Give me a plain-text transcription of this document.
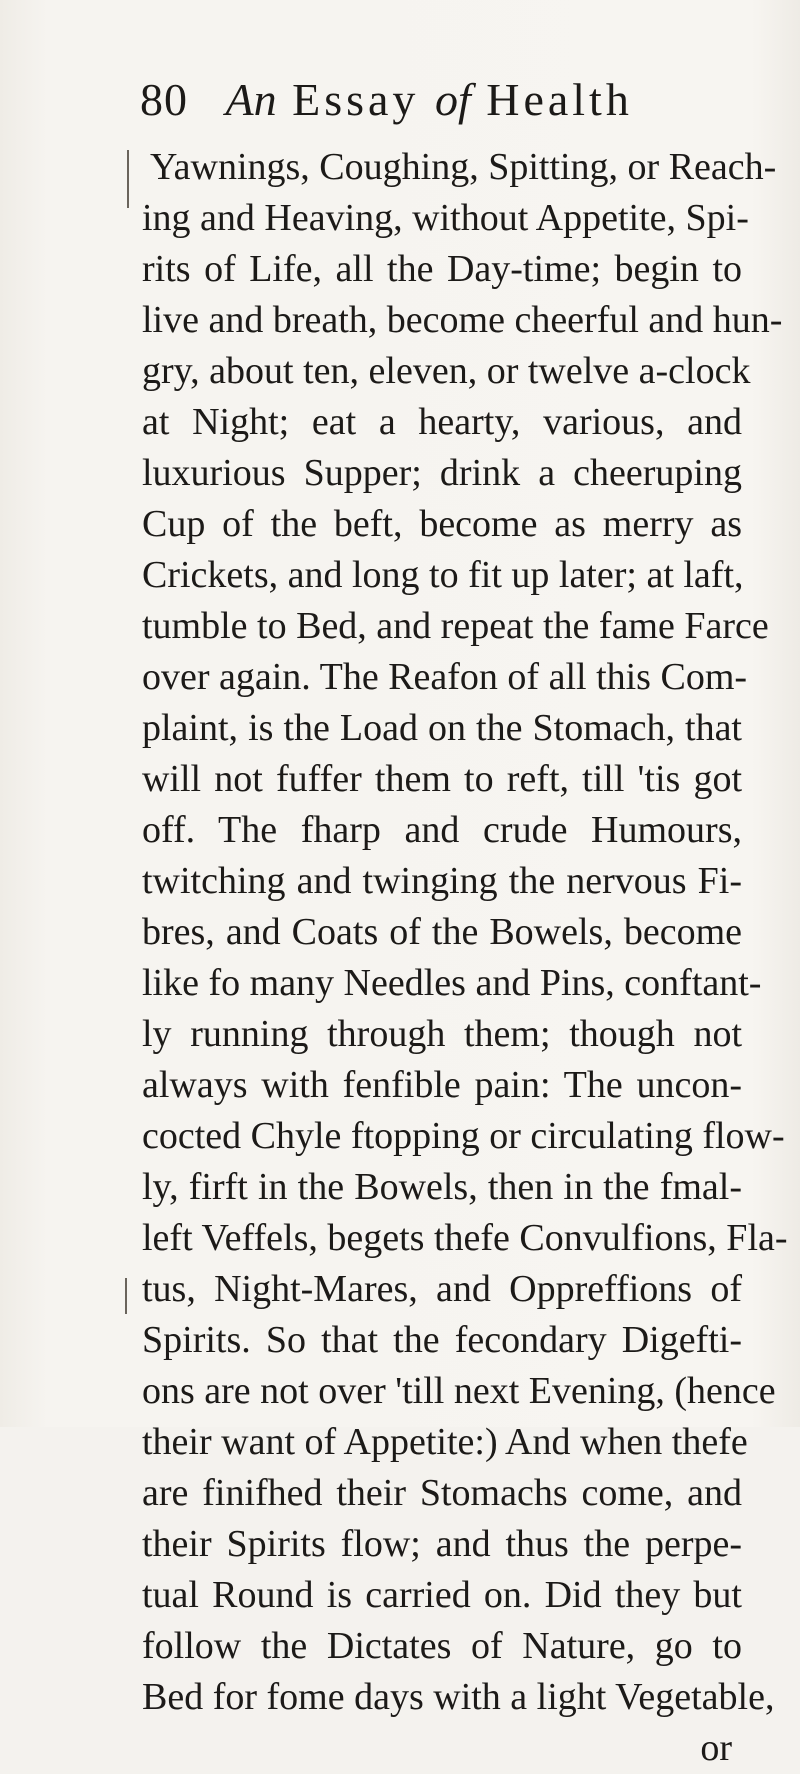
80 An Essay of Health
Yawnings, Coughing, Spitting, or Reach-
ing and Heaving, without Appetite, Spi-
rits of Life, all the Day-time; begin to
live and breath, become cheerful and hun-
gry, about ten, eleven, or twelve a-clock
at Night; eat a hearty, various, and
luxurious Supper; drink a cheeruping
Cup of the beft, become as merry as
Crickets, and long to fit up later; at laft,
tumble to Bed, and repeat the fame Farce
over again. The Reafon of all this Com-
plaint, is the Load on the Stomach, that
will not fuffer them to reft, till 'tis got
off. The fharp and crude Humours,
twitching and twinging the nervous Fi-
bres, and Coats of the Bowels, become
like fo many Needles and Pins, conftant-
ly running through them; though not
always with fenfible pain: The uncon-
cocted Chyle ftopping or circulating flow-
ly, firft in the Bowels, then in the fmal-
left Veffels, begets thefe Convulfions, Fla-
tus, Night-Mares, and Oppreffions of
Spirits. So that the fecondary Digefti-
ons are not over 'till next Evening, (hence
their want of Appetite:) And when thefe
are finifhed their Stomachs come, and
their Spirits flow; and thus the perpe-
tual Round is carried on. Did they but
follow the Dictates of Nature, go to
Bed for fome days with a light Vegetable,
or
